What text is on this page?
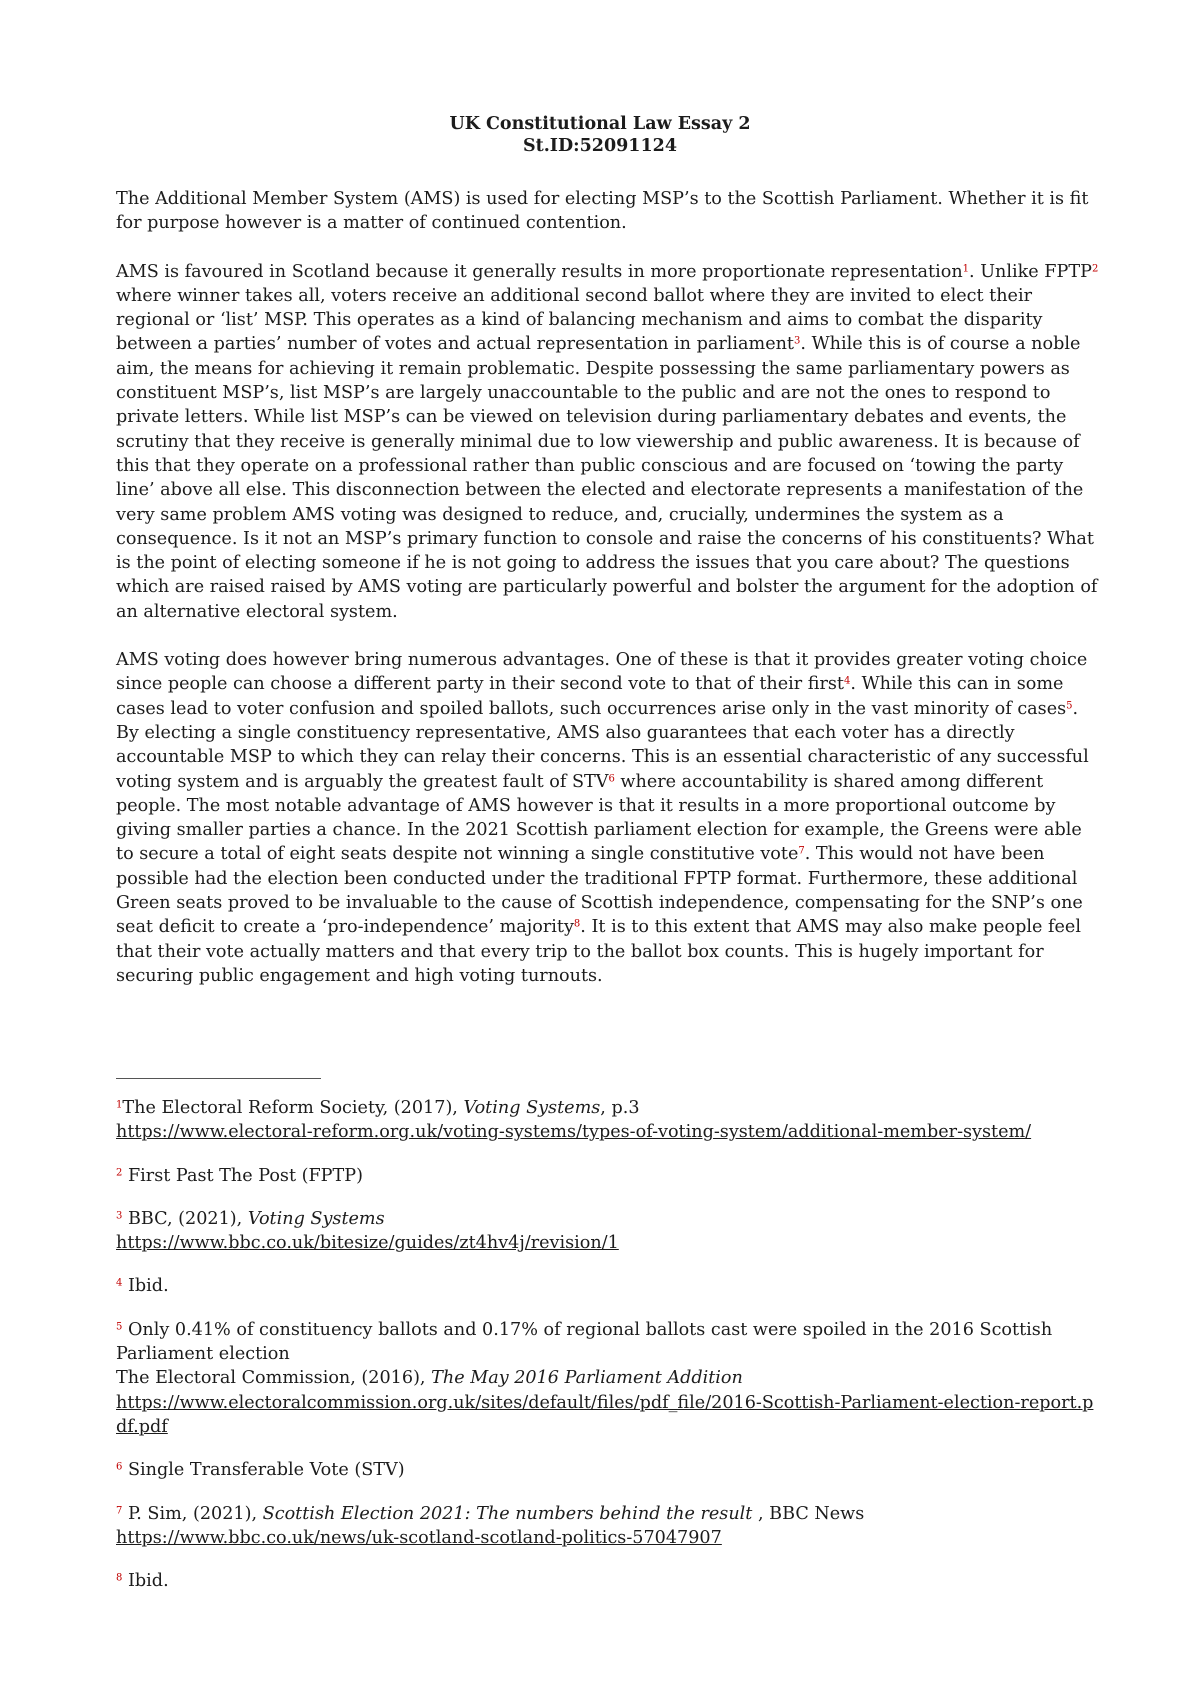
UK Constitutional Law Essay 2
St.ID:52091124

The Additional Member System (AMS) is used for electing MSP’s to the Scottish Parliament. Whether it is fit for purpose however is a matter of continued contention.

AMS is favoured in Scotland because it generally results in more proportionate representation$^1$. Unlike FPTP$^2$ where winner takes all, voters receive an additional second ballot where they are invited to elect their regional or ‘list’ MSP. This operates as a kind of balancing mechanism and aims to combat the disparity between a parties’ number of votes and actual representation in parliament$^3$. While this is of course a noble aim, the means for achieving it remain problematic. Despite possessing the same parliamentary powers as constituent MSP’s, list MSP’s are largely unaccountable to the public and are not the ones to respond to private letters. While list MSP’s can be viewed on television during parliamentary debates and events, the scrutiny that they receive is generally minimal due to low viewership and public awareness. It is because of this that they operate on a professional rather than public conscious and are focused on ‘towing the party line’ above all else. This disconnection between the elected and electorate represents a manifestation of the very same problem AMS voting was designed to reduce, and, crucially, undermines the system as a consequence. Is it not an MSP’s primary function to console and raise the concerns of his constituents? What is the point of electing someone if he is not going to address the issues that you care about? The questions which are raised raised by AMS voting are particularly powerful and bolster the argument for the adoption of an alternative electoral system.

AMS voting does however bring numerous advantages. One of these is that it provides greater voting choice since people can choose a different party in their second vote to that of their first$^4$. While this can in some cases lead to voter confusion and spoiled ballots, such occurrences arise only in the vast minority of cases$^5$. By electing a single constituency representative, AMS also guarantees that each voter has a directly accountable MSP to which they can relay their concerns. This is an essential characteristic of any successful voting system and is arguably the greatest fault of STV$^6$ where accountability is shared among different people. The most notable advantage of AMS however is that it results in a more proportional outcome by giving smaller parties a chance. In the 2021 Scottish parliament election for example, the Greens were able to secure a total of eight seats despite not winning a single constitutive vote$^7$. This would not have been possible had the election been conducted under the traditional FPTP format. Furthermore, these additional Green seats proved to be invaluable to the cause of Scottish independence, compensating for the SNP’s one seat deficit to create a ‘pro-independence’ majority$^8$. It is to this extent that AMS may also make people feel that their vote actually matters and that every trip to the ballot box counts. This is hugely important for securing public engagement and high voting turnouts.

$^1$The Electoral Reform Society, (2017), Voting Systems, p.3
https://www.electoral-reform.org.uk/voting-systems/types-of-voting-system/additional-member-system/
$^2$ First Past The Post (FPTP)
$^3$ BBC, (2021), Voting Systems
https://www.bbc.co.uk/bitesize/guides/zt4hv4j/revision/1
$^4$ Ibid.
$^5$ Only 0.41% of constituency ballots and 0.17% of regional ballots cast were spoiled in the 2016 Scottish Parliament election
The Electoral Commission, (2016), The May 2016 Parliament Addition
https://www.electoralcommission.org.uk/sites/default/files/pdf_file/2016-Scottish-Parliament-election-report.pdf.pdf
$^6$ Single Transferable Vote (STV)
$^7$ P. Sim, (2021), Scottish Election 2021: The numbers behind the result , BBC News
https://www.bbc.co.uk/news/uk-scotland-scotland-politics-57047907
$^8$ Ibid.
